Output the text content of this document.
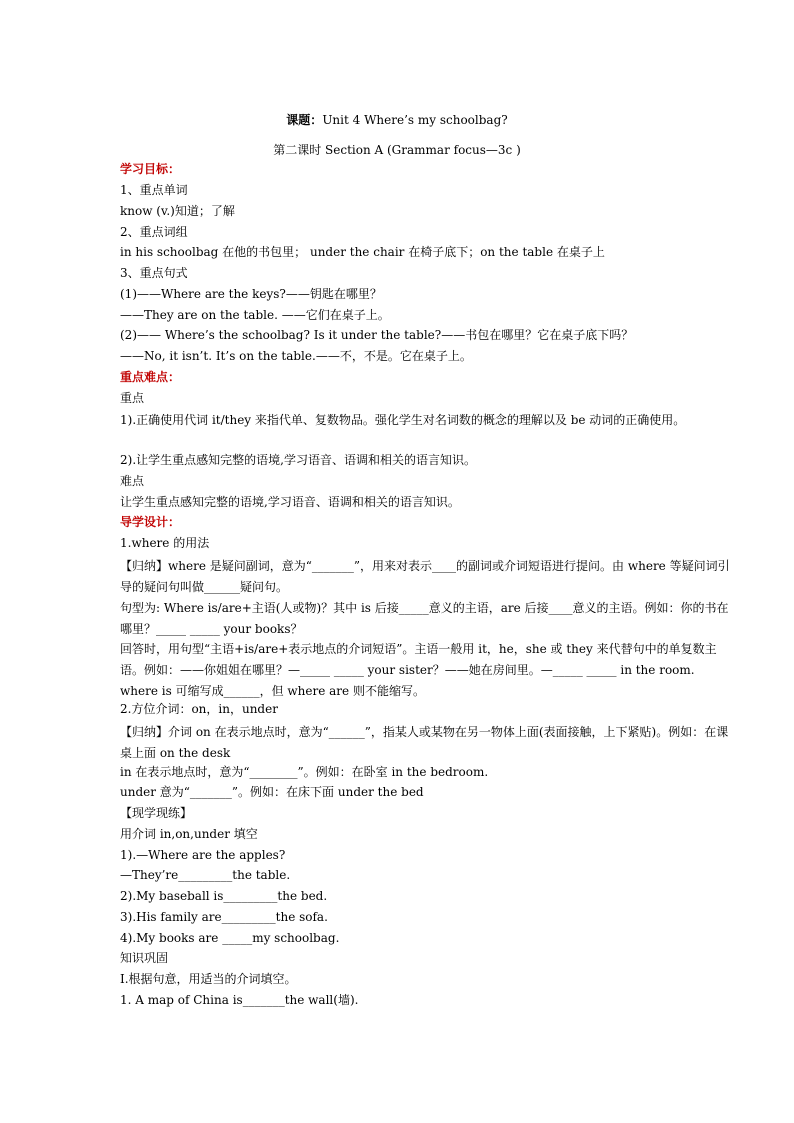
课题：Unit 4 Where’s my schoolbag?
第二课时 Section A (Grammar focus—3c )
学习目标：
1、重点单词
know (v.)知道；了解
2、重点词组
in his schoolbag 在他的书包里； under the chair 在椅子底下；on the table 在桌子上
3、重点句式
(1)——Where are the keys?——钥匙在哪里？
——They are on the table. ——它们在桌子上。
(2)—— Where’s the schoolbag? Is it under the table?——书包在哪里？它在桌子底下吗？
——No, it isn’t. It’s on the table.——不，不是。它在桌子上。
重点难点：
重点
1).正确使用代词 it/they 来指代单、复数物品。强化学生对名词数的概念的理解以及 be 动词的正确使用。
2).让学生重点感知完整的语境,学习语音、语调和相关的语言知识。
难点
让学生重点感知完整的语境,学习语音、语调和相关的语言知识。
导学设计：
1.where 的用法
【归纳】where 是疑问副词，意为“_______”，用来对表示____的副词或介词短语进行提问。由 where 等疑问词引导的疑问句叫做______疑问句。
句型为: Where is/are+主语(人或物)？其中 is 后接_____意义的主语，are 后接____意义的主语。例如：你的书在哪里？_____ _____ your books？
回答时，用句型“主语+is/are+表示地点的介词短语”。主语一般用 it，he，she 或 they 来代替句中的单复数主语。例如：——你姐姐在哪里？—_____ _____ your sister？——她在房间里。—_____ _____ in the room. where is 可缩写成______，但 where are 则不能缩写。
2.方位介词：on，in，under
【归纳】介词 on 在表示地点时，意为“______”，指某人或某物在另一物体上面(表面接触，上下紧贴)。例如：在课桌上面 on the desk
in 在表示地点时，意为“________”。例如：在卧室 in the bedroom.
under 意为“_______”。例如：在床下面 under the bed
【现学现练】
用介词 in,on,under 填空
1).—Where are the apples?
—They’re_________the table.
2).My baseball is_________the bed.
3).His family are_________the sofa.
4).My books are _____my schoolbag.
知识巩固
Ⅰ.根据句意，用适当的介词填空。
1. A map of China is_______the wall(墙).
